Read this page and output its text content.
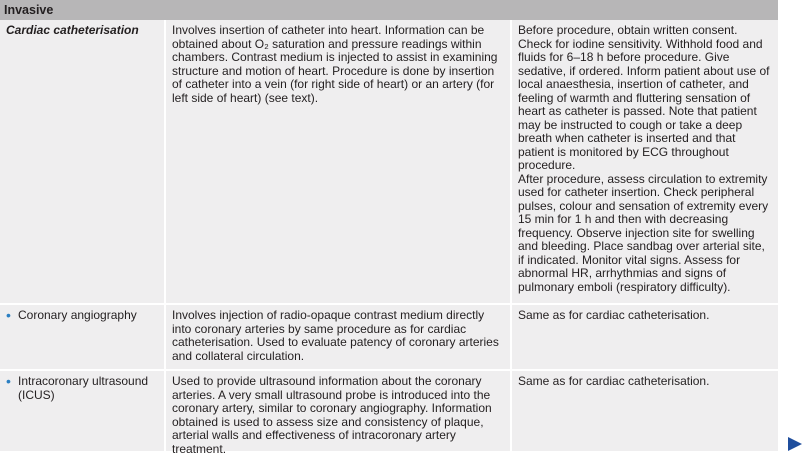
Invasive
Cardiac catheterisation	Involves insertion of catheter into heart. Information can be obtained about O₂ saturation and pressure readings within chambers. Contrast medium is injected to assist in examining structure and motion of heart. Procedure is done by insertion of catheter into a vein (for right side of heart) or an artery (for left side of heart) (see text).
Before procedure, obtain written consent. Check for iodine sensitivity. Withhold food and fluids for 6–18 h before procedure. Give sedative, if ordered. Inform patient about use of local anaesthesia, insertion of catheter, and feeling of warmth and fluttering sensation of heart as catheter is passed. Note that patient may be instructed to cough or take a deep breath when catheter is inserted and that patient is monitored by ECG throughout procedure.
After procedure, assess circulation to extremity used for catheter insertion. Check peripheral pulses, colour and sensation of extremity every 15 min for 1 h and then with decreasing frequency. Observe injection site for swelling and bleeding. Place sandbag over arterial site, if indicated. Monitor vital signs. Assess for abnormal HR, arrhythmias and signs of pulmonary emboli (respiratory difficulty).
• Coronary angiography	Involves injection of radio-opaque contrast medium directly into coronary arteries by same procedure as for cardiac catheterisation. Used to evaluate patency of coronary arteries and collateral circulation.
Same as for cardiac catheterisation.
• Intracoronary ultrasound (ICUS)
Used to provide ultrasound information about the coronary arteries. A very small ultrasound probe is introduced into the coronary artery, similar to coronary angiography. Information obtained is used to assess size and consistency of plaque, arterial walls and effectiveness of intracoronary artery treatment.
Same as for cardiac catheterisation.
